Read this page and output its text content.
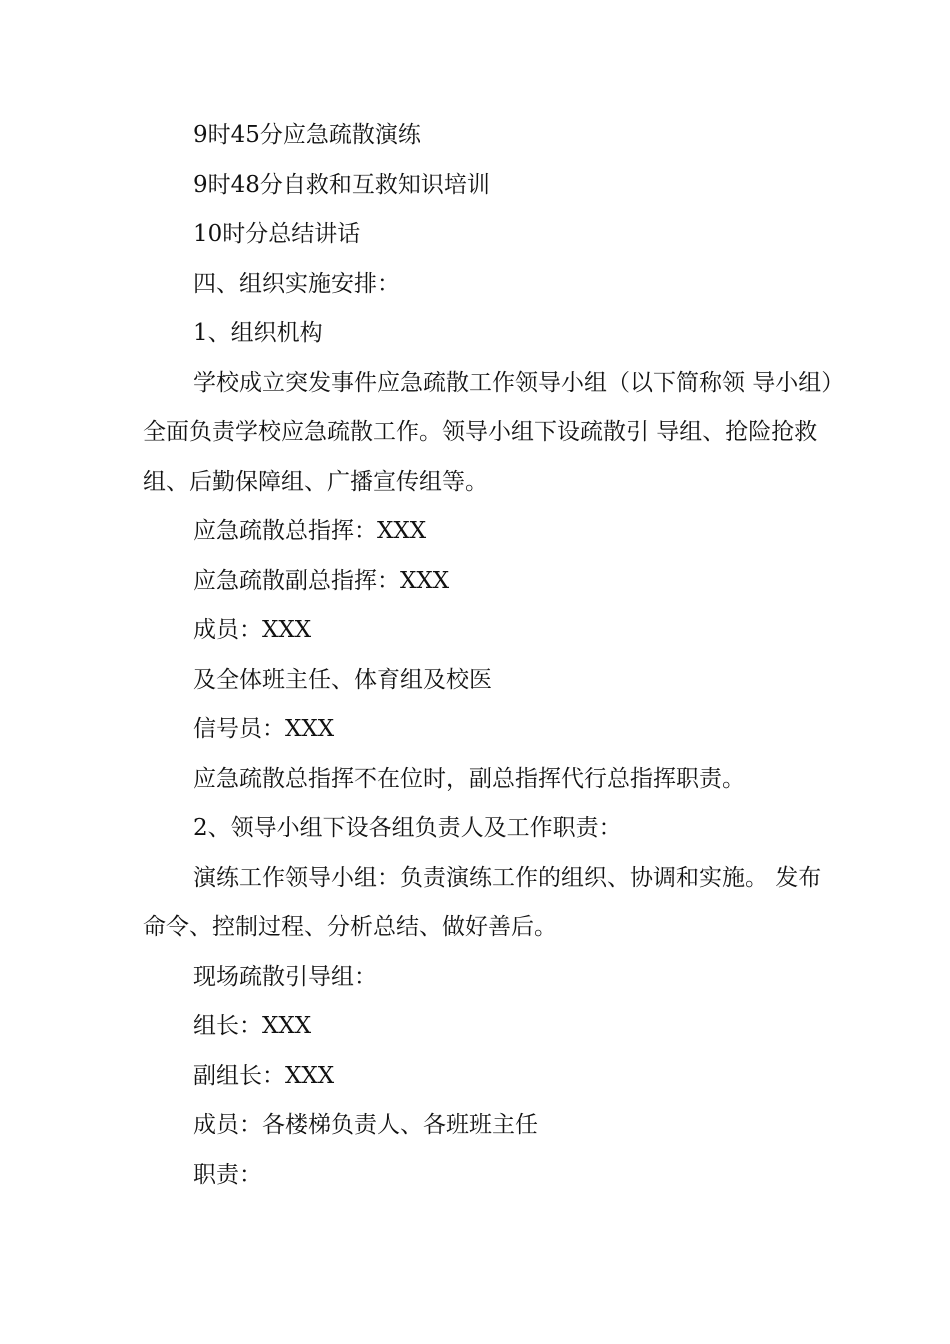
9时45分应急疏散演练

9时48分自救和互救知识培训

10时分总结讲话

四、组织实施安排：

1、组织机构

学校成立突发事件应急疏散工作领导小组（以下简称领 导小组）全面负责学校应急疏散工作。领导小组下设疏散引 导组、抢险抢救组、后勤保障组、广播宣传组等。

应急疏散总指挥：XXX

应急疏散副总指挥：XXX

成员：XXX

及全体班主任、体育组及校医

信号员：XXX

应急疏散总指挥不在位时，副总指挥代行总指挥职责。

2、领导小组下设各组负责人及工作职责：

演练工作领导小组：负责演练工作的组织、协调和实施。 发布命令、控制过程、分析总结、做好善后。

现场疏散引导组：

组长：XXX

副组长：XXX

成员：各楼梯负责人、各班班主任

职责：
